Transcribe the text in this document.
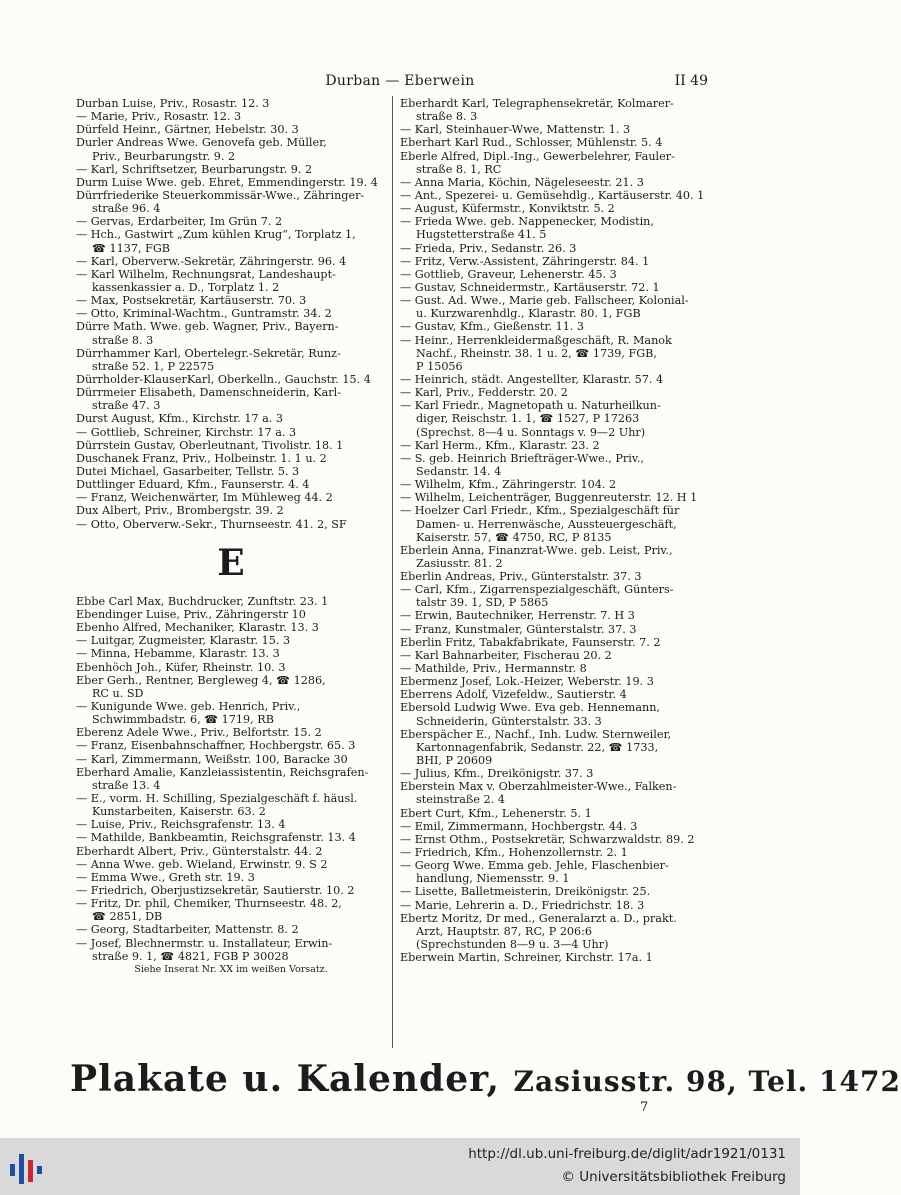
Durban — Eberwein	II 49
Durban Luise, Priv., Rosastr. 12. 3
— Marie, Priv., Rosastr. 12. 3
Dürfeld Heinr., Gärtner, Hebelstr. 30. 3
Durler Andreas Wwe. Genovefa geb. Müller,
Priv., Beurbarungstr. 9. 2
— Karl, Schriftsetzer, Beurbarungstr. 9. 2
Durm Luise Wwe. geb. Ehret, Emmendingerstr. 19. 4
Dürrfriederike Steuerkommissär-Wwe., Zähringer-
straße 96. 4
— Gervas, Erdarbeiter, Im Grün 7. 2
— Hch., Gastwirt „Zum kühlen Krug“, Torplatz 1,
☎ 1137, FGB
— Karl, Oberverw.-Sekretär, Zähringerstr. 96. 4
— Karl Wilhelm, Rechnungsrat, Landeshaupt-
kassenkassier a. D., Torplatz 1. 2
— Max, Postsekretär, Kartäuserstr. 70. 3
— Otto, Kriminal-Wachtm., Guntramstr. 34. 2
Dürre Math. Wwe. geb. Wagner, Priv., Bayern-
straße 8. 3
Dürrhammer Karl, Obertelegr.-Sekretär, Runz-
straße 52. 1, P 22575
Dürrholder-KlauserKarl, Oberkelln., Gauchstr. 15. 4
Dürrmeier Elisabeth, Damenschneiderin, Karl-
straße 47. 3
Durst August, Kfm., Kirchstr. 17 a. 3
— Gottlieb, Schreiner, Kirchstr. 17 a. 3
Dürrstein Gustav, Oberleutnant, Tivolistr. 18. 1
Duschanek Franz, Priv., Holbeinstr. 1. 1 u. 2
Dutei Michael, Gasarbeiter, Tellstr. 5. 3
Duttlinger Eduard, Kfm., Faunserstr. 4. 4
— Franz, Weichenwärter, Im Mühleweg 44. 2
Dux Albert, Priv., Brombergstr. 39. 2
— Otto, Oberverw.-Sekr., Thurnseestr. 41. 2, SF
E
Ebbe Carl Max, Buchdrucker, Zunftstr. 23. 1
Ebendinger Luise, Priv., Zähringerstr 10
Ebenho Alfred, Mechaniker, Klarastr. 13. 3
— Luitgar, Zugmeister, Klarastr. 15. 3
— Minna, Hebamme, Klarastr. 13. 3
Ebenhöch Joh., Küfer, Rheinstr. 10. 3
Eber Gerh., Rentner, Bergleweg 4, ☎ 1286,
RC u. SD
— Kunigunde Wwe. geb. Henrich, Priv.,
Schwimmbadstr. 6, ☎ 1719, RB
Eberenz Adele Wwe., Priv., Belfortstr. 15. 2
— Franz, Eisenbahnschaffner, Hochbergstr. 65. 3
— Karl, Zimmermann, Weißstr. 100, Baracke 30
Eberhard Amalie, Kanzleiassistentin, Reichsgrafen-
straße 13. 4
— E., vorm. H. Schilling, Spezialgeschäft f. häusl.
Kunstarbeiten, Kaiserstr. 63. 2
— Luise, Priv., Reichsgrafenstr. 13. 4
— Mathilde, Bankbeamtin, Reichsgrafenstr. 13. 4
Eberhardt Albert, Priv., Günterstalstr. 44. 2
— Anna Wwe. geb. Wieland, Erwinstr. 9. S 2
— Emma Wwe., Greth str. 19. 3
— Friedrich, Oberjustizsekretär, Sautierstr. 10. 2
— Fritz, Dr. phil, Chemiker, Thurnseestr. 48. 2,
☎ 2851, DB
— Georg, Stadtarbeiter, Mattenstr. 8. 2
— Josef, Blechnermstr. u. Installateur, Erwin-
straße 9. 1, ☎ 4821, FGB P 30028
Siehe Inserat Nr. XX im weißen Vorsatz.
Eberhardt Karl, Telegraphensekretär, Kolmarer-
straße 8. 3
— Karl, Steinhauer-Wwe, Mattenstr. 1. 3
Eberhart Karl Rud., Schlosser, Mühlenstr. 5. 4
Eberle Alfred, Dipl.-Ing., Gewerbelehrer, Fauler-
straße 8. 1, RC
— Anna Maria, Köchin, Nägeleseestr. 21. 3
— Ant., Spezerei- u. Gemüsehdlg., Kartäuserstr. 40. 1
— August, Küfermstr., Konviktstr. 5. 2
— Frieda Wwe. geb. Nappenecker, Modistin,
Hugstetterstraße 41. 5
— Frieda, Priv., Sedanstr. 26. 3
— Fritz, Verw.-Assistent, Zähringerstr. 84. 1
— Gottlieb, Graveur, Lehenerstr. 45. 3
— Gustav, Schneidermstr., Kartäuserstr. 72. 1
— Gust. Ad. Wwe., Marie geb. Fallscheer, Kolonial-
u. Kurzwarenhdlg., Klarastr. 80. 1, FGB
— Gustav, Kfm., Gießenstr. 11. 3
— Heinr., Herrenkleidermaßgeschäft, R. Manok
Nachf., Rheinstr. 38. 1 u. 2, ☎ 1739, FGB,
P 15056
— Heinrich, städt. Angestellter, Klarastr. 57. 4
— Karl, Priv., Fedderstr. 20. 2
— Karl Friedr., Magnetopath u. Naturheilkun-
diger, Reischstr. 1. 1, ☎ 1527, P 17263
(Sprechst. 8—4 u. Sonntags v. 9—2 Uhr)
— Karl Herm., Kfm., Klarastr. 23. 2
— S. geb. Heinrich Briefträger-Wwe., Priv.,
Sedanstr. 14. 4
— Wilhelm, Kfm., Zähringerstr. 104. 2
— Wilhelm, Leichenträger, Buggenreuterstr. 12. H 1
— Hoelzer Carl Friedr., Kfm., Spezialgeschäft für
Damen- u. Herrenwäsche, Aussteuergeschäft,
Kaiserstr. 57, ☎ 4750, RC, P 8135
Eberlein Anna, Finanzrat-Wwe. geb. Leist, Priv.,
Zasiusstr. 81. 2
Eberlin Andreas, Priv., Günterstalstr. 37. 3
— Carl, Kfm., Zigarrenspezialgeschäft, Günters-
talstr 39. 1, SD, P 5865
— Erwin, Bautechniker, Herrenstr. 7. H 3
— Franz, Kunstmaler, Günterstalstr. 37. 3
Eberlin Fritz, Tabakfabrikate, Faunserstr. 7. 2
— Karl Bahnarbeiter, Fischerau 20. 2
— Mathilde, Priv., Hermannstr. 8
Ebermenz Josef, Lok.-Heizer, Weberstr. 19. 3
Eberrens Adolf, Vizefeldw., Sautierstr. 4
Ebersold Ludwig Wwe. Eva geb. Hennemann,
Schneiderin, Günterstalstr. 33. 3
Eberspächer E., Nachf., Inh. Ludw. Sternweiler,
Kartonnagenfabrik, Sedanstr. 22, ☎ 1733,
BHI, P 20609
— Julius, Kfm., Dreikönigstr. 37. 3
Eberstein Max v. Oberzahlmeister-Wwe., Falken-
steinstraße 2. 4
Ebert Curt, Kfm., Lehenerstr. 5. 1
— Emil, Zimmermann, Hochbergstr. 44. 3
— Ernst Othm., Postsekretär, Schwarzwaldstr. 89. 2
— Friedrich, Kfm., Hohenzollernstr. 2. 1
— Georg Wwe. Emma geb. Jehle, Flaschenbier-
handlung, Niemensstr. 9. 1
— Lisette, Balletmeisterin, Dreikönigstr. 25.
— Marie, Lehrerin a. D., Friedrichstr. 18. 3
Ebertz Moritz, Dr med., Generalarzt a. D., prakt.
Arzt, Hauptstr. 87, RC, P 206:6
(Sprechstunden 8—9 u. 3—4 Uhr)
Eberwein Martin, Schreiner, Kirchstr. 17a. 1
Plakate u. Kalender, Zasiusstr. 98, Tel. 1472
7
http://dl.ub.uni-freiburg.de/diglit/adr1921/0131
© Universitätsbibliothek Freiburg
